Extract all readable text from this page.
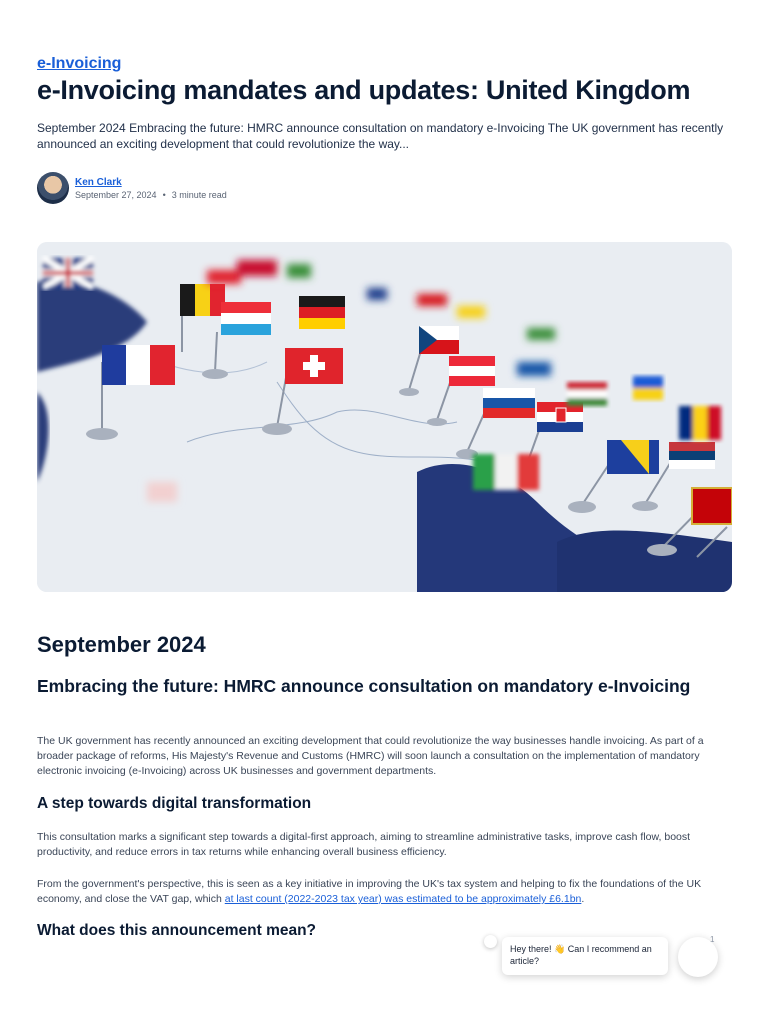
e-Invoicing
e-Invoicing mandates and updates: United Kingdom

September 2024 Embracing the future: HMRC announce consultation on mandatory e-Invoicing The UK government has recently announced an exciting development that could revolutionize the way...

Ken Clark
September 27, 2024 • 3 minute read
September 2024
Embracing the future: HMRC announce consultation on mandatory e-Invoicing

The UK government has recently announced an exciting development that could revolutionize the way businesses handle invoicing. As part of a broader package of reforms, His Majesty's Revenue and Customs (HMRC) will soon launch a consultation on the implementation of mandatory electronic invoicing (e-Invoicing) across UK businesses and government departments.

A step towards digital transformation

This consultation marks a significant step towards a digital-first approach, aiming to streamline administrative tasks, improve cash flow, boost productivity, and reduce errors in tax returns while enhancing overall business efficiency.

From the government's perspective, this is seen as a key initiative in improving the UK's tax system and helping to fix the foundations of the UK economy, and close the VAT gap, which at last count (2022-2023 tax year) was estimated to be approximately £6.1bn.

What does this announcement mean?
Hey there! 👋 Can I recommend an article?
1
